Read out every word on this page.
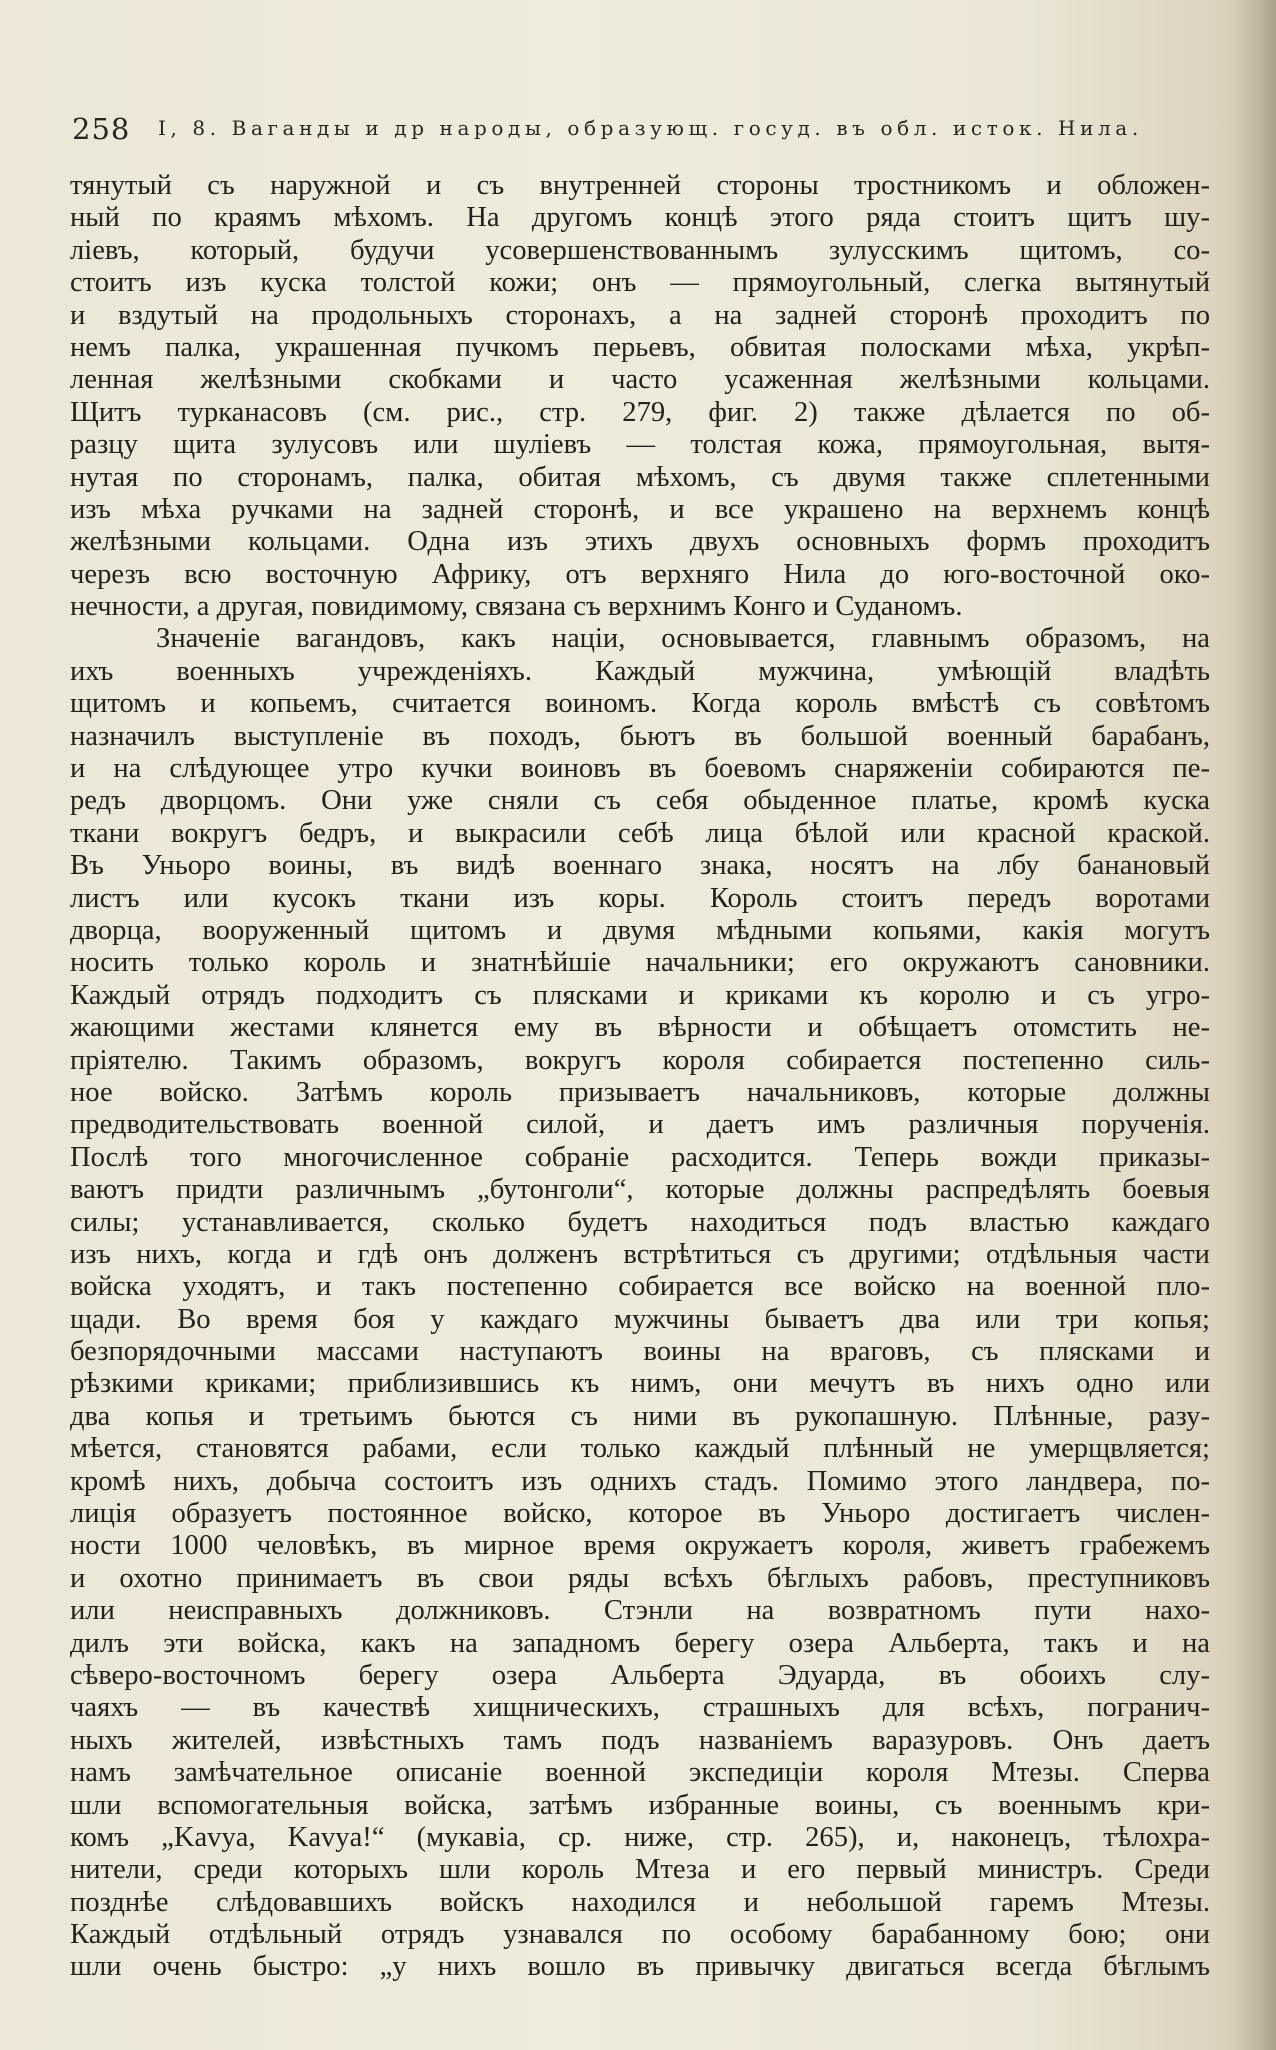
258 I, 8. Ваганды и др народы, образующ. госуд. въ обл. исток. Нила.
тянутый съ наружной и съ внутренней стороны тростникомъ и обложен-
ный по краямъ мѣхомъ. На другомъ концѣ этого ряда стоитъ щитъ шу-
ліевъ, который, будучи усовершенствованнымъ зулусскимъ щитомъ, со-
стоитъ изъ куска толстой кожи; онъ — прямоугольный, слегка вытянутый
и вздутый на продольныхъ сторонахъ, а на задней сторонѣ проходитъ по
немъ палка, украшенная пучкомъ перьевъ, обвитая полосками мѣха, укрѣп-
ленная желѣзными скобками и часто усаженная желѣзными кольцами.
Щитъ турканасовъ (см. рис., стр. 279, фиг. 2) также дѣлается по об-
разцу щита зулусовъ или шуліевъ — толстая кожа, прямоугольная, вытя-
нутая по сторонамъ, палка, обитая мѣхомъ, съ двумя также сплетенными
изъ мѣха ручками на задней сторонѣ, и все украшено на верхнемъ концѣ
желѣзными кольцами. Одна изъ этихъ двухъ основныхъ формъ проходитъ
черезъ всю восточную Африку, отъ верхняго Нила до юго-восточной око-
нечности, а другая, повидимому, связана съ верхнимъ Конго и Суданомъ.
Значеніе вагандовъ, какъ націи, основывается, главнымъ образомъ, на
ихъ военныхъ учрежденіяхъ. Каждый мужчина, умѣющій владѣть
щитомъ и копьемъ, считается воиномъ. Когда король вмѣстѣ съ совѣтомъ
назначилъ выступленіе въ походъ, бьютъ въ большой военный барабанъ,
и на слѣдующее утро кучки воиновъ въ боевомъ снаряженіи собираются пе-
редъ дворцомъ. Они уже сняли съ себя обыденное платье, кромѣ куска
ткани вокругъ бедръ, и выкрасили себѣ лица бѣлой или красной краской.
Въ Уньоро воины, въ видѣ военнаго знака, носятъ на лбу банановый
листъ или кусокъ ткани изъ коры. Король стоитъ передъ воротами
дворца, вооруженный щитомъ и двумя мѣдными копьями, какія могутъ
носить только король и знатнѣйшіе начальники; его окружаютъ сановники.
Каждый отрядъ подходитъ съ плясками и криками къ королю и съ угро-
жающими жестами клянется ему въ вѣрности и обѣщаетъ отомстить не-
пріятелю. Такимъ образомъ, вокругъ короля собирается постепенно силь-
ное войско. Затѣмъ король призываетъ начальниковъ, которые должны
предводительствовать военной силой, и даетъ имъ различныя порученія.
Послѣ того многочисленное собраніе расходится. Теперь вожди приказы-
ваютъ придти различнымъ „бутонголи“, которые должны распредѣлять боевыя
силы; устанавливается, сколько будетъ находиться подъ властью каждаго
изъ нихъ, когда и гдѣ онъ долженъ встрѣтиться съ другими; отдѣльныя части
войска уходятъ, и такъ постепенно собирается все войско на военной пло-
щади. Во время боя у каждаго мужчины бываетъ два или три копья;
безпорядочными массами наступаютъ воины на враговъ, съ плясками и
рѣзкими криками; приблизившись къ нимъ, они мечутъ въ нихъ одно или
два копья и третьимъ бьются съ ними въ рукопашную. Плѣнные, разу-
мѣется, становятся рабами, если только каждый плѣнный не умерщвляется;
кромѣ нихъ, добыча состоитъ изъ однихъ стадъ. Помимо этого ландвера, по-
лиція образуетъ постоянное войско, которое въ Уньоро достигаетъ числен-
ности 1000 человѣкъ, въ мирное время окружаетъ короля, живетъ грабежемъ
и охотно принимаетъ въ свои ряды всѣхъ бѣглыхъ рабовъ, преступниковъ
или неисправныхъ должниковъ. Стэнли на возвратномъ пути нахо-
дилъ эти войска, какъ на западномъ берегу озера Альберта, такъ и на
сѣверо-восточномъ берегу озера Альберта Эдуарда, въ обоихъ слу-
чаяхъ — въ качествѣ хищническихъ, страшныхъ для всѣхъ, погранич-
ныхъ жителей, извѣстныхъ тамъ подъ названіемъ варазуровъ. Онъ даетъ
намъ замѣчательное описаніе военной экспедиціи короля Мтезы. Сперва
шли вспомогательныя войска, затѣмъ избранные воины, съ военнымъ кри-
комъ „Kavya, Kavya!“ (мукавіа, ср. ниже, стр. 265), и, наконецъ, тѣлохра-
нители, среди которыхъ шли король Мтеза и его первый министръ. Среди
позднѣе слѣдовавшихъ войскъ находился и небольшой гаремъ Мтезы.
Каждый отдѣльный отрядъ узнавался по особому барабанному бою; они
шли очень быстро: „у нихъ вошло въ привычку двигаться всегда бѣглымъ
